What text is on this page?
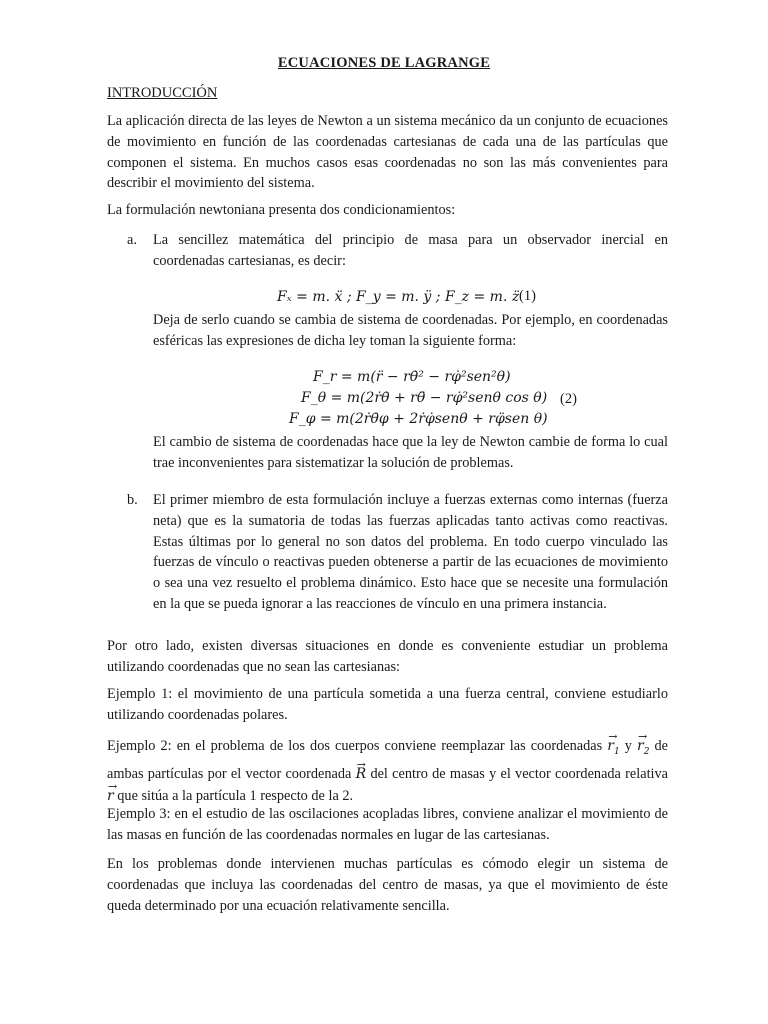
ECUACIONES DE LAGRANGE

INTRODUCCIÓN

La aplicación directa de las leyes de Newton a un sistema mecánico da un conjunto de ecuaciones de movimiento en función de las coordenadas cartesianas de cada una de las partículas que componen el sistema. En muchos casos esas coordenadas no son las más convenientes para describir el movimiento del sistema.

La formulación newtoniana presenta dos condicionamientos:

a. La sencillez matemática del principio de masa para un observador inercial en coordenadas cartesianas, es decir:

Fₓ = m. ẍ ; F_y = m. ÿ ; F_z = m. z̈ (1)

Deja de serlo cuando se cambia de sistema de coordenadas. Por ejemplo, en coordenadas esféricas las expresiones de dicha ley toman la siguiente forma:

F_r = m(r̈ − rθ̇² − rφ̇²sen²θ)
F_θ = m(2ṙθ̇ + rθ̈ − rφ̇²senθ cos θ)
F_φ = m(2ṙθ̇φ + 2ṙφ̇senθ + rφ̈sen θ)
(2)

El cambio de sistema de coordenadas hace que la ley de Newton cambie de forma lo cual trae inconvenientes para sistematizar la solución de problemas.

b. El primer miembro de esta formulación incluye a fuerzas externas como internas (fuerza neta) que es la sumatoria de todas las fuerzas aplicadas tanto activas como reactivas. Estas últimas por lo general no son datos del problema. En todo cuerpo vinculado las fuerzas de vínculo o reactivas pueden obtenerse a partir de las ecuaciones de movimiento o sea una vez resuelto el problema dinámico. Esto hace que se necesite una formulación en la que se pueda ignorar a las reacciones de vínculo en una primera instancia.

Por otro lado, existen diversas situaciones en donde es conveniente estudiar un problema utilizando coordenadas que no sean las cartesianas:

Ejemplo 1: el movimiento de una partícula sometida a una fuerza central, conviene estudiarlo utilizando coordenadas polares.

Ejemplo 2: en el problema de los dos cuerpos conviene reemplazar las coordenadas → $r_1$ $y \to r_2$ de ambas partículas por el vector coordenada → R del centro de masas y el vector coordenada relativa → r que sitúa a la partícula 1 respecto de la 2.

Ejemplo 3: en el estudio de las oscilaciones acopladas libres, conviene analizar el movimiento de las masas en función de las coordenadas normales en lugar de las cartesianas.

En los problemas donde intervienen muchas partículas es cómodo elegir un sistema de coordenadas que incluya las coordenadas del centro de masas, ya que el movimiento de éste queda determinado por una ecuación relativamente sencilla.
